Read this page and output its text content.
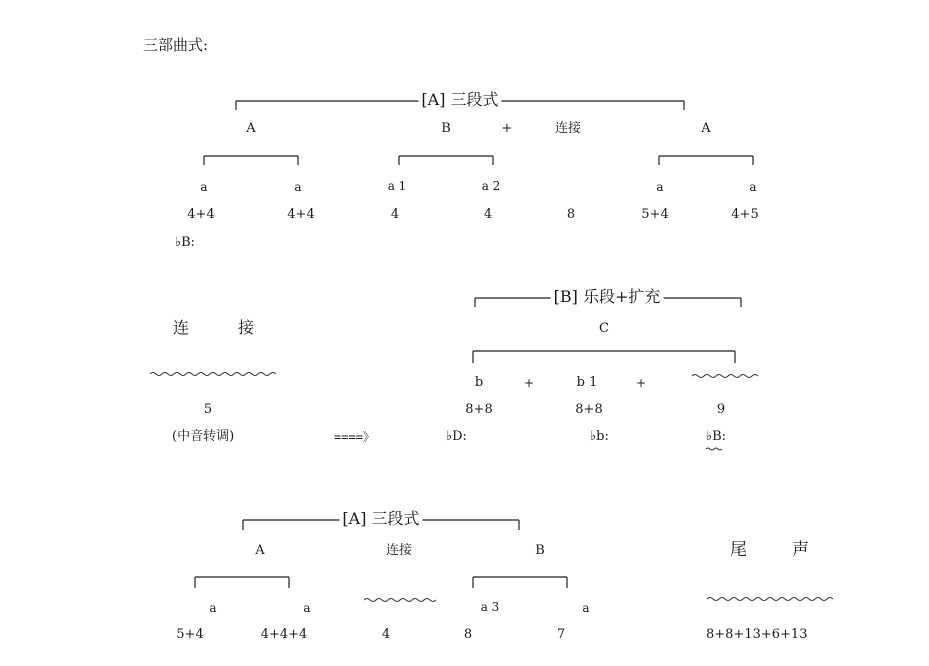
三部曲式:
[A] 三段式
A	B	+	连接	A
a	a	a 1	a 2	a	a
4+4	4+4	4	4	8	5+4	4+5
♭B:
连	接
5
(中音转调)	====》
[B] 乐段+扩充
C
b	+	b 1	+
8+8	8+8	9
♭D:	♭b:	♭B:
[A] 三段式
A	连接	B
a	a	a 3	a
5+4	4+4+4	4	8	7
尾	声
8+8+13+6+13
